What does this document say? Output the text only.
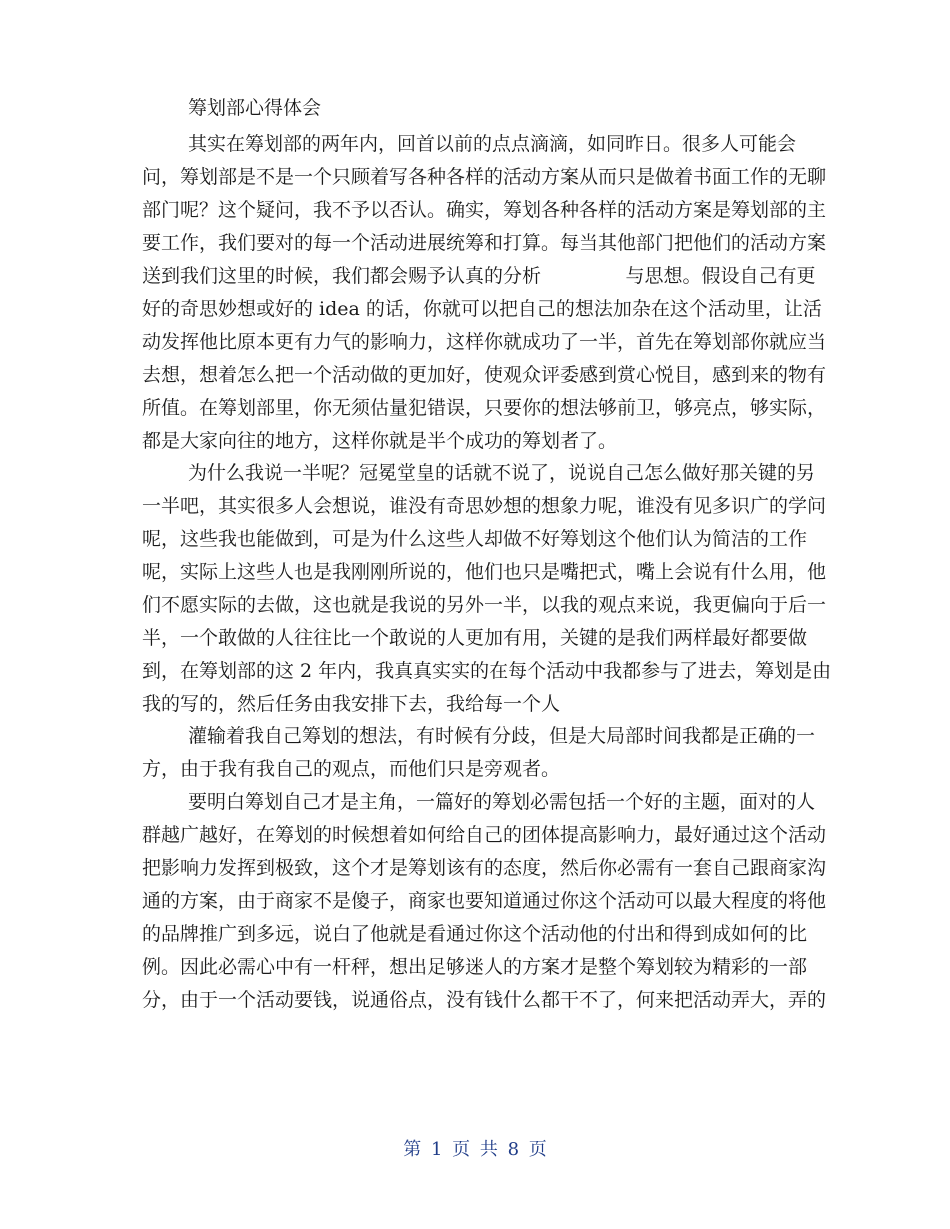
筹划部心得体会
其实在筹划部的两年内，回首以前的点点滴滴，如同昨日。很多人可能会
问，筹划部是不是一个只顾着写各种各样的活动方案从而只是做着书面工作的无聊
部门呢？这个疑问，我不予以否认。确实，筹划各种各样的活动方案是筹划部的主
要工作，我们要对的每一个活动进展统筹和打算。每当其他部门把他们的活动方案
送到我们这里的时候，我们都会赐予认真的分析              与思想。假设自己有更
好的奇思妙想或好的 idea 的话，你就可以把自己的想法加杂在这个活动里，让活
动发挥他比原本更有力气的影响力，这样你就成功了一半，首先在筹划部你就应当
去想，想着怎么把一个活动做的更加好，使观众评委感到赏心悦目，感到来的物有
所值。在筹划部里，你无须估量犯错误，只要你的想法够前卫，够亮点，够实际，
都是大家向往的地方，这样你就是半个成功的筹划者了。
为什么我说一半呢？冠冕堂皇的话就不说了，说说自己怎么做好那关键的另
一半吧，其实很多人会想说，谁没有奇思妙想的想象力呢，谁没有见多识广的学问
呢，这些我也能做到，可是为什么这些人却做不好筹划这个他们认为简洁的工作
呢，实际上这些人也是我刚刚所说的，他们也只是嘴把式，嘴上会说有什么用，他
们不愿实际的去做，这也就是我说的另外一半，以我的观点来说，我更偏向于后一
半，一个敢做的人往往比一个敢说的人更加有用，关键的是我们两样最好都要做
到，在筹划部的这 2 年内，我真真实实的在每个活动中我都参与了进去，筹划是由
我的写的，然后任务由我安排下去，我给每一个人
灌输着我自己筹划的想法，有时候有分歧，但是大局部时间我都是正确的一
方，由于我有我自己的观点，而他们只是旁观者。
要明白筹划自己才是主角，一篇好的筹划必需包括一个好的主题，面对的人
群越广越好，在筹划的时候想着如何给自己的团体提高影响力，最好通过这个活动
把影响力发挥到极致，这个才是筹划该有的态度，然后你必需有一套自己跟商家沟
通的方案，由于商家不是傻子，商家也要知道通过你这个活动可以最大程度的将他
的品牌推广到多远，说白了他就是看通过你这个活动他的付出和得到成如何的比
例。因此必需心中有一杆秤，想出足够迷人的方案才是整个筹划较为精彩的一部
分，由于一个活动要钱，说通俗点，没有钱什么都干不了，何来把活动弄大，弄的
第 1 页 共 8 页
